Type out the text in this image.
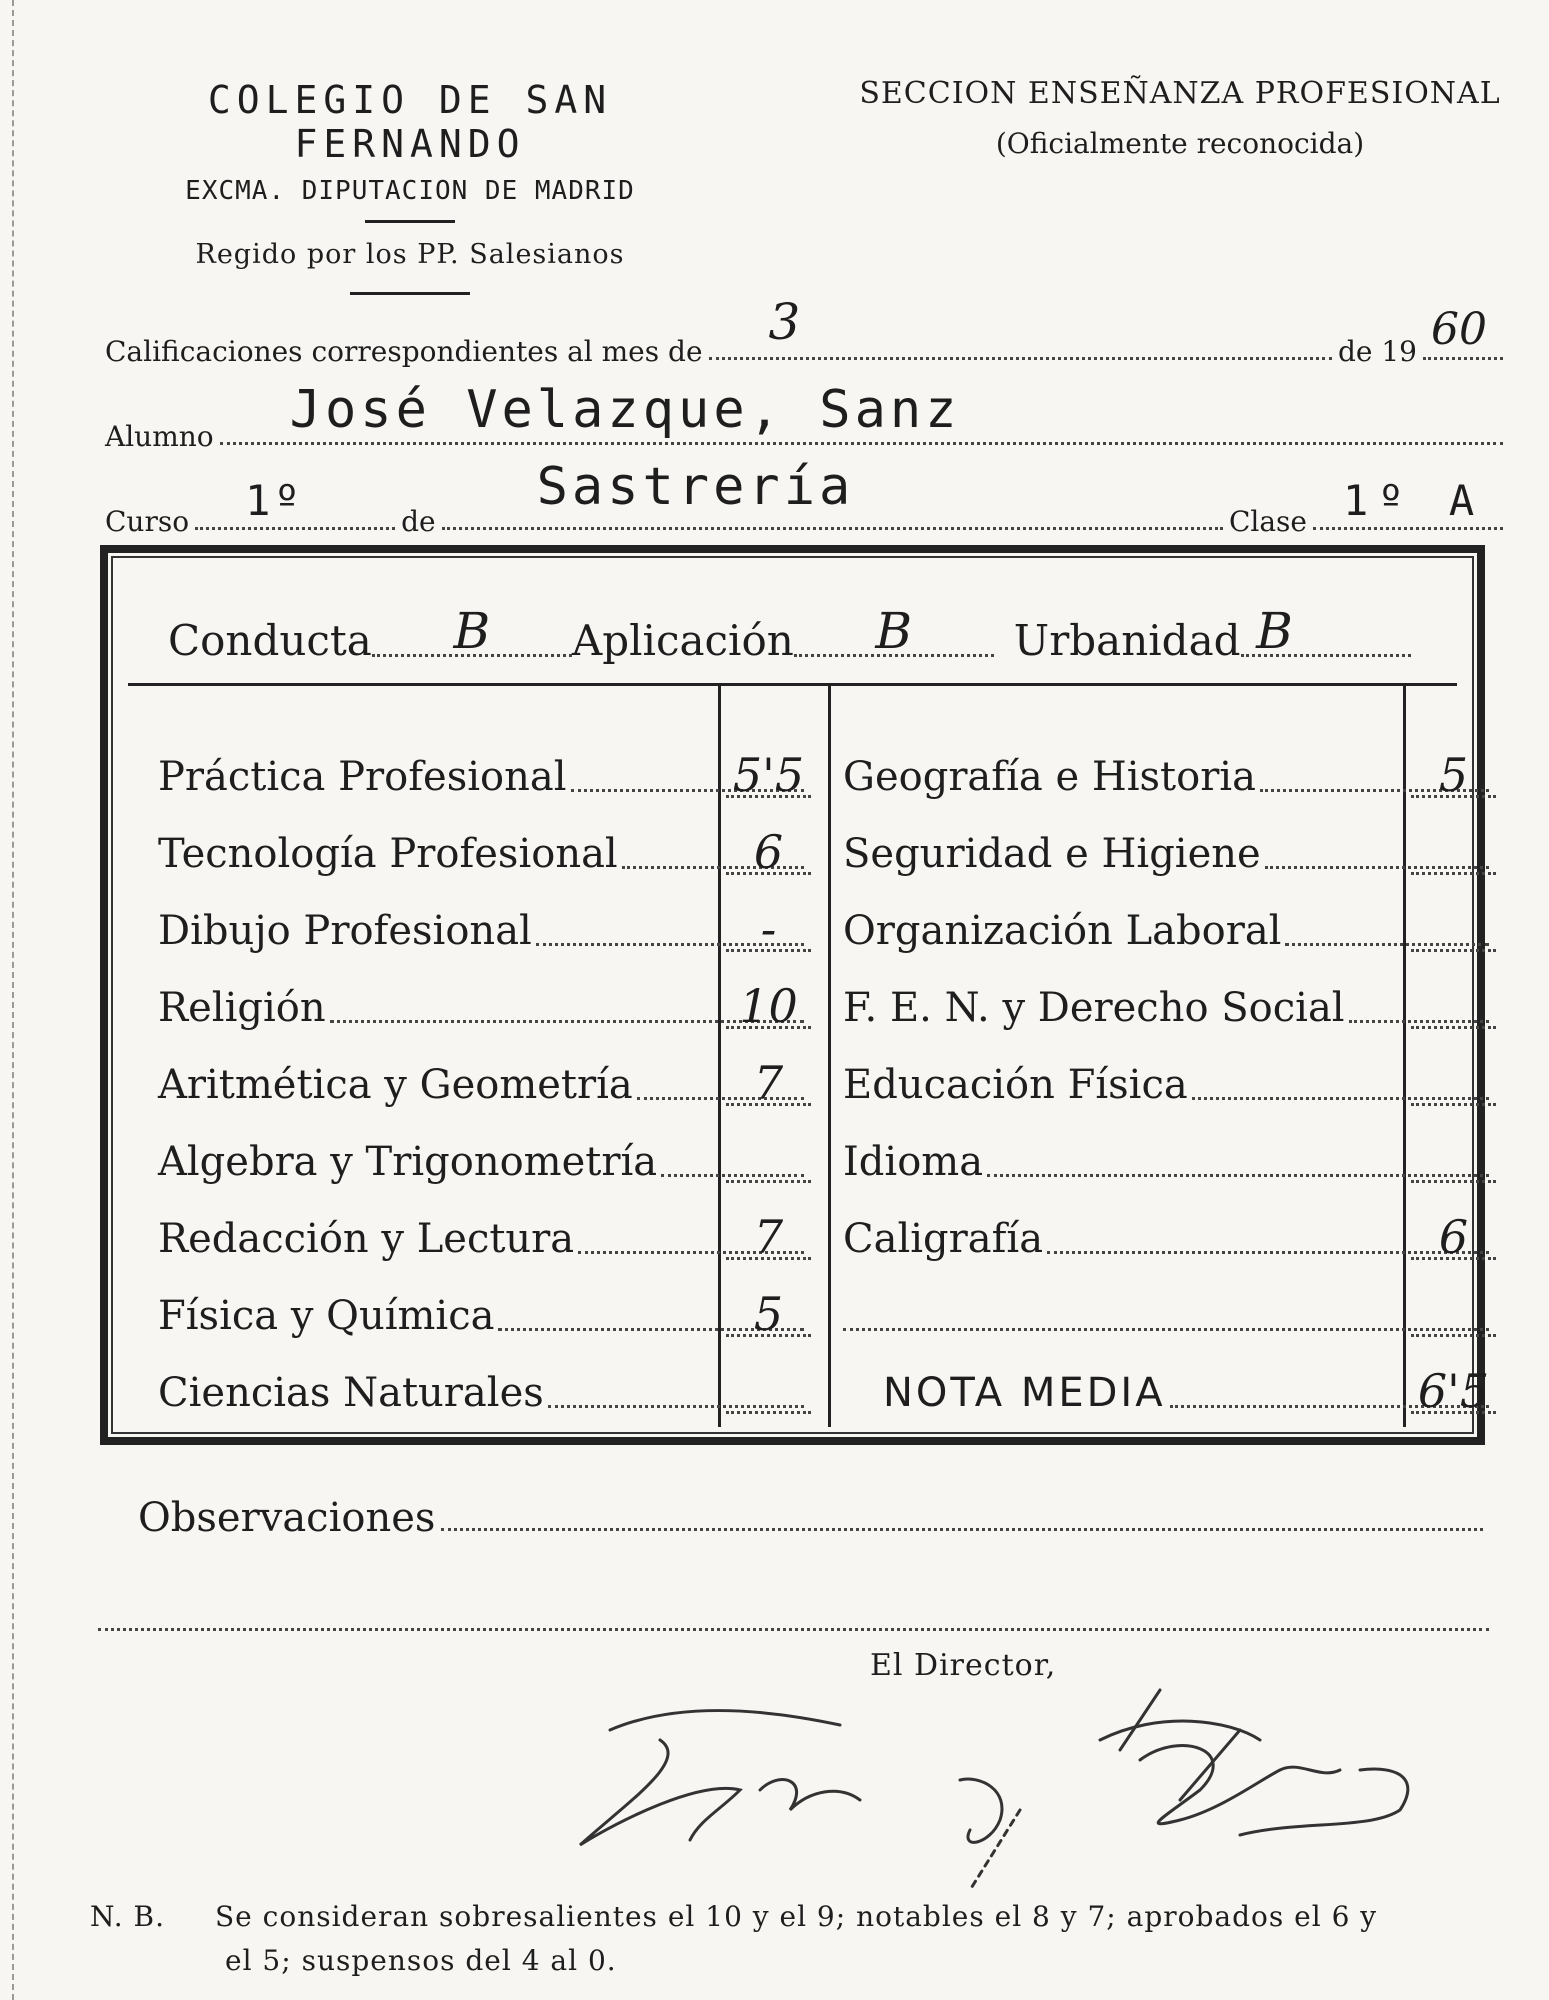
COLEGIO DE SAN FERNANDO
EXCMA. DIPUTACION DE MADRID
Regido por los PP. Salesianos
SECCION ENSEÑANZA PROFESIONAL
(Oficialmente reconocida)
Calificaciones correspondientes al mes de
3
de 19 60
Alumno José Velazque, Sanz
Curso 1º	de
Sastrería
Clase 1º A
Conducta B Aplicación B Urbanidad B
Práctica Profesional	5'5
Tecnología Profesional	6
Dibujo Profesional	-
Religión	10
Aritmética y Geometría	7
Algebra y Trigonometría
Redacción y Lectura	7
Física y Química	5
Ciencias Naturales
Geografía e Historia	5
Seguridad e Higiene
Organización Laboral
F. E. N. y Derecho Social
Educación Física
Idioma
Caligrafía	6
NOTA MEDIA	6'5
Observaciones
El Director,
Fdo. Sello
N. B. Se consideran sobresalientes el 10 y el 9; notables el 8 y 7; aprobados el 6 y
el 5; suspensos del 4 al 0.
